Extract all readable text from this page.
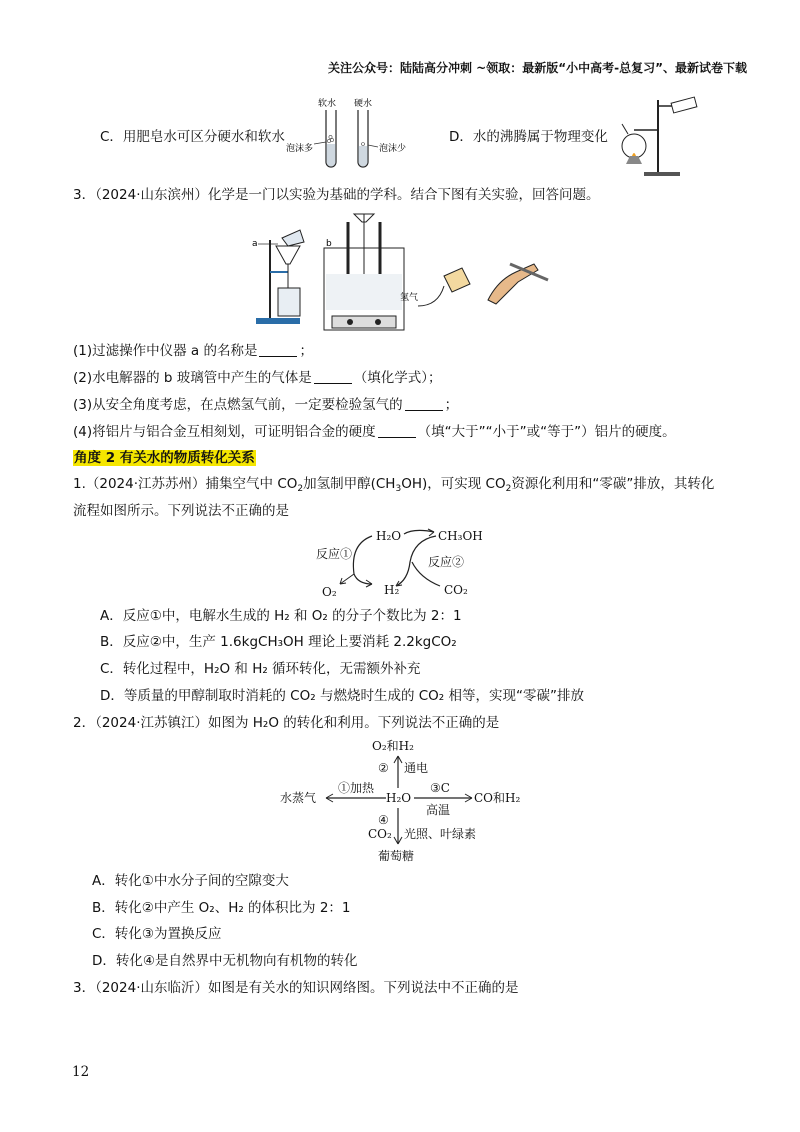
关注公众号：陆陆高分冲刺 ~领取：最新版“小中高考-总复习”、最新试卷下载
C．用肥皂水可区分硬水和软水
软水 硬水
泡沫多	泡沫少
D．水的沸腾属于物理变化
3．（2024·山东滨州）化学是一门以实验为基础的学科。结合下图有关实验，回答问题。
a	b
氢气
(1)过滤操作中仪器 a 的名称是	；
(2)水电解器的 b 玻璃管中产生的气体是	（填化学式）；
(3)从安全角度考虑，在点燃氢气前，一定要检验氢气的	；
(4)将铝片与铝合金互相刻划，可证明铝合金的硬度	（填“大于”“小于”或“等于”）铝片的硬度。
角度 2 有关水的物质转化关系
1.（2024·江苏苏州）捕集空气中 $CO_2$加氢制甲醇$(CH_3OH)$，可实现 $CO_2$资源化利用和“零碳”排放，其转化
流程如图所示。下列说法不正确的是
反应①
H₂O	CH₃OH
反应②
O₂	H₂	CO₂
A．反应①中，电解水生成的 H₂ 和 O₂ 的分子个数比为 2：1
B．反应②中，生产 1.6kgCH₃OH 理论上要消耗 2.2kgCO₂
C．转化过程中，H₂O 和 H₂ 循环转化，无需额外补充
D．等质量的甲醇制取时消耗的 CO₂ 与燃烧时生成的 CO₂ 相等，实现“零碳”排放
2．（2024·江苏镇江）如图为 H₂O 的转化和利用。下列说法不正确的是
O₂和H₂
② 通电
①加热
水蒸气	H₂O
③C
高温
CO和H₂
④
CO₂ 光照、叶绿素
葡萄糖
A．转化①中水分子间的空隙变大
B．转化②中产生 O₂、H₂ 的体积比为 2：1
C．转化③为置换反应
D．转化④是自然界中无机物向有机物的转化
3．（2024·山东临沂）如图是有关水的知识网络图。下列说法中不正确的是
12
